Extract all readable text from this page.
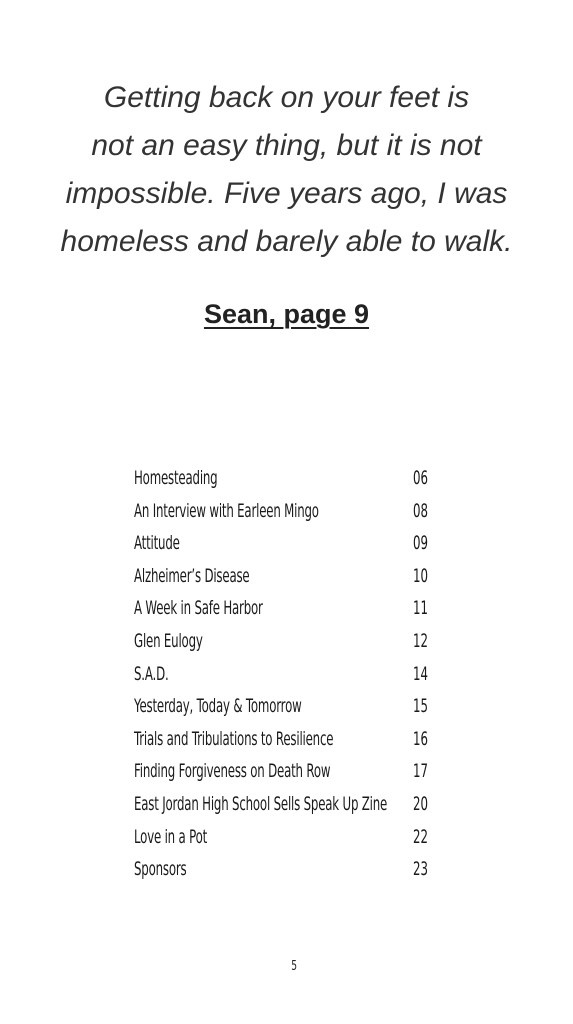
Getting back on your feet is
not an easy thing, but it is not
impossible. Five years ago, I was
homeless and barely able to walk.
Sean, page 9
Homesteading	06
An Interview with Earleen Mingo	08
Attitude	09
Alzheimer’s Disease	10
A Week in Safe Harbor	11
Glen Eulogy	12
S.A.D.	14
Yesterday, Today & Tomorrow	15
Trials and Tribulations to Resilience	16
Finding Forgiveness on Death Row	17
East Jordan High School Sells Speak Up Zine 20
Love in a Pot	22
Sponsors	23
5
